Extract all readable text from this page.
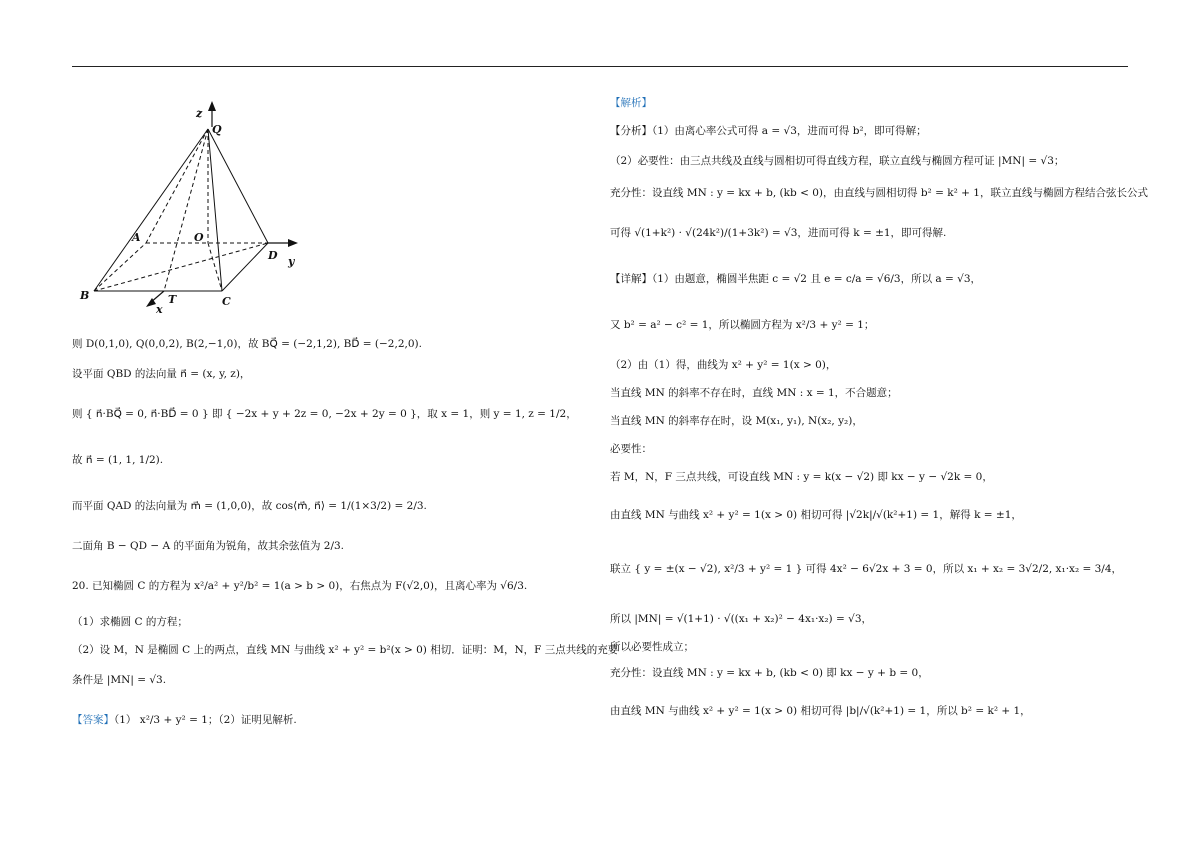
z
Q
A	O
D y
B	T	C
x
则 D(0,1,0), Q(0,0,2), B(2,−1,0)，故 BQ⃗ = (−2,1,2), BD⃗ = (−2,2,0).
设平面 QBD 的法向量 n⃗ = (x, y, z)，
则 { n⃗·BQ⃗ = 0, n⃗·BD⃗ = 0 } 即 { −2x + y + 2z = 0, −2x + 2y = 0 }，取 x = 1，则 y = 1, z = 1/2，
故 n⃗ = (1, 1, 1/2).
而平面 QAD 的法向量为 m⃗ = (1,0,0)，故 cos⟨m⃗, n⃗⟩ = 1/(1×3/2) = 2/3.
二面角 B − QD − A 的平面角为锐角，故其余弦值为 2/3.
20. 已知椭圆 C 的方程为 x²/a² + y²/b² = 1(a > b > 0)，右焦点为 F(√2,0)，且离心率为 √6/3.
（1）求椭圆 C 的方程；
（2）设 M，N 是椭圆 C 上的两点，直线 MN 与曲线 x² + y² = b²(x > 0) 相切．证明：M，N，F 三点共线的充要
条件是 |MN| = √3.
【答案】（1） x²/3 + y² = 1；（2）证明见解析.
【解析】
【分析】（1）由离心率公式可得 a = √3，进而可得 b²，即可得解；
（2）必要性：由三点共线及直线与圆相切可得直线方程，联立直线与椭圆方程可证 |MN| = √3；
充分性：设直线 MN : y = kx + b, (kb < 0)，由直线与圆相切得 b² = k² + 1，联立直线与椭圆方程结合弦长公式
可得 √(1+k²) · √(24k²)/(1+3k²) = √3，进而可得 k = ±1，即可得解.
【详解】（1）由题意，椭圆半焦距 c = √2 且 e = c/a = √6/3，所以 a = √3，
又 b² = a² − c² = 1，所以椭圆方程为 x²/3 + y² = 1；
（2）由（1）得，曲线为 x² + y² = 1(x > 0)，
当直线 MN 的斜率不存在时，直线 MN : x = 1，不合题意；
当直线 MN 的斜率存在时，设 M(x₁, y₁), N(x₂, y₂)，
必要性：
若 M，N，F 三点共线，可设直线 MN : y = k(x − √2) 即 kx − y − √2k = 0，
由直线 MN 与曲线 x² + y² = 1(x > 0) 相切可得 |√2k|/√(k²+1) = 1，解得 k = ±1，
联立 { y = ±(x − √2), x²/3 + y² = 1 } 可得 4x² − 6√2x + 3 = 0，所以 x₁ + x₂ = 3√2/2, x₁·x₂ = 3/4，
所以 |MN| = √(1+1) · √((x₁ + x₂)² − 4x₁·x₂) = √3，
所以必要性成立；
充分性：设直线 MN : y = kx + b, (kb < 0) 即 kx − y + b = 0，
由直线 MN 与曲线 x² + y² = 1(x > 0) 相切可得 |b|/√(k²+1) = 1，所以 b² = k² + 1，
